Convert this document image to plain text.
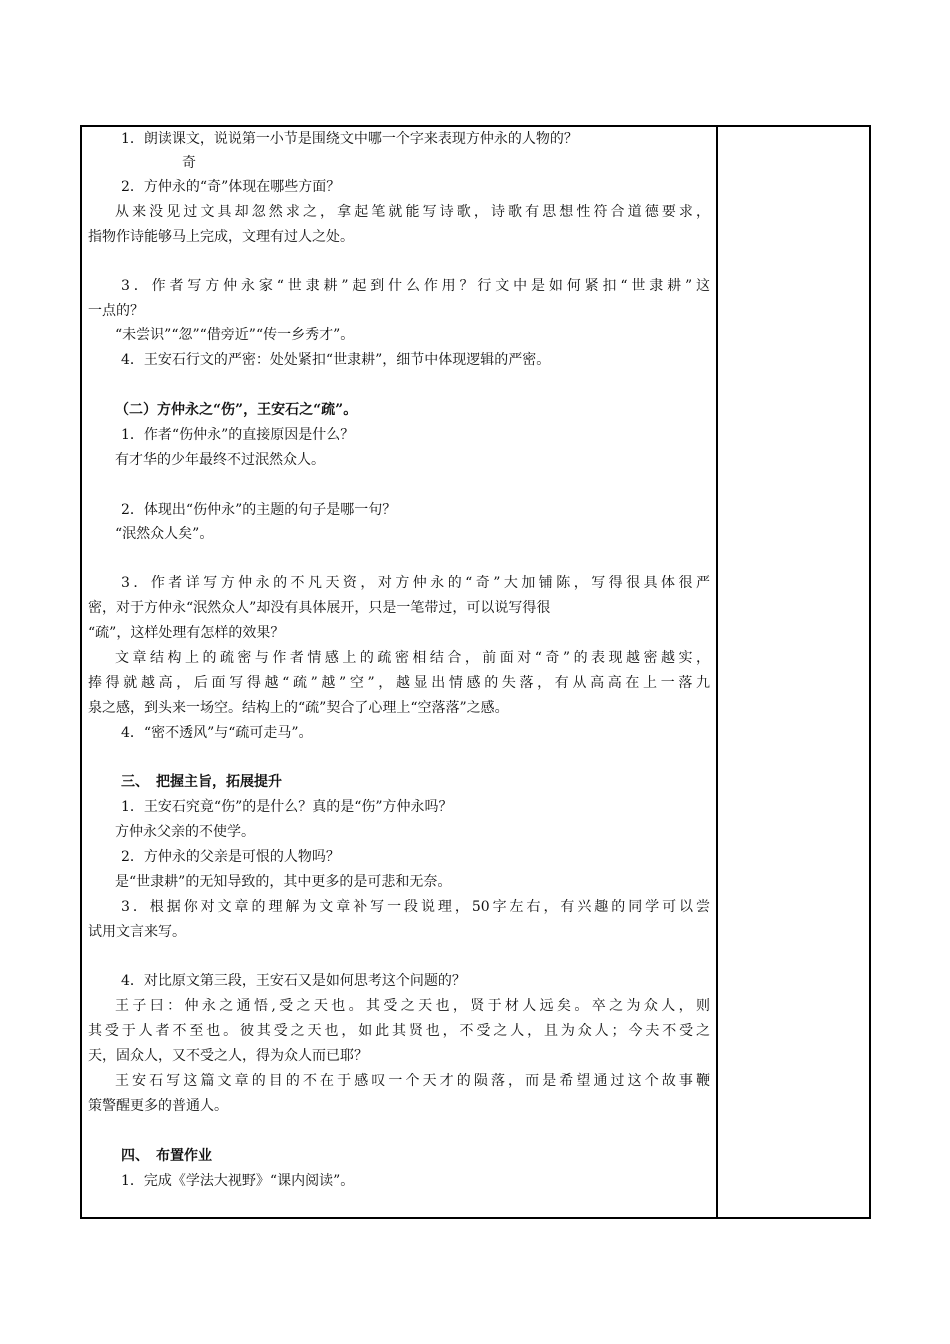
1．朗读课文，说说第一小节是围绕文中哪一个字来表现方仲永的人物的？
奇
2．方仲永的“奇”体现在哪些方面？
从来没见过文具却忽然求之，拿起笔就能写诗歌，诗歌有思想性符合道德要求，
指物作诗能够马上完成，文理有过人之处。
3．作者写方仲永家“世隶耕”起到什么作用？行文中是如何紧扣“世隶耕”这
一点的？
“未尝识”“忽”“借旁近”“传一乡秀才”。
4．王安石行文的严密：处处紧扣“世隶耕”，细节中体现逻辑的严密。
（二）方仲永之“伤”，王安石之“疏”。
1．作者“伤仲永”的直接原因是什么？
有才华的少年最终不过泯然众人。
2．体现出“伤仲永”的主题的句子是哪一句？
“泯然众人矣”。
3．作者详写方仲永的不凡天资，对方仲永的“奇”大加铺陈，写得很具体很严
密，对于方仲永“泯然众人”却没有具体展开，只是一笔带过，可以说写得很
“疏”，这样处理有怎样的效果？
文章结构上的疏密与作者情感上的疏密相结合，前面对“奇”的表现越密越实，
捧得就越高，后面写得越“疏”越”空”，越显出情感的失落，有从高高在上一落九
泉之感，到头来一场空。结构上的“疏”契合了心理上“空落落”之感。
4．“密不透风”与“疏可走马”。
三、　把握主旨，拓展提升
1．王安石究竟“伤”的是什么？真的是“伤”方仲永吗？
方仲永父亲的不使学。
2．方仲永的父亲是可恨的人物吗？
是“世隶耕”的无知导致的，其中更多的是可悲和无奈。
3．根据你对文章的理解为文章补写一段说理，50字左右，有兴趣的同学可以尝
试用文言来写。
4．对比原文第三段，王安石又是如何思考这个问题的？
王子曰：仲永之通悟,受之天也。其受之天也，贤于材人远矣。卒之为众人，则
其受于人者不至也。彼其受之天也，如此其贤也，不受之人，且为众人；今夫不受之
天，固众人，又不受之人，得为众人而已耶？
王安石写这篇文章的目的不在于感叹一个天才的陨落，而是希望通过这个故事鞭
策警醒更多的普通人。
四、　布置作业
1．完成《学法大视野》“课内阅读”。
